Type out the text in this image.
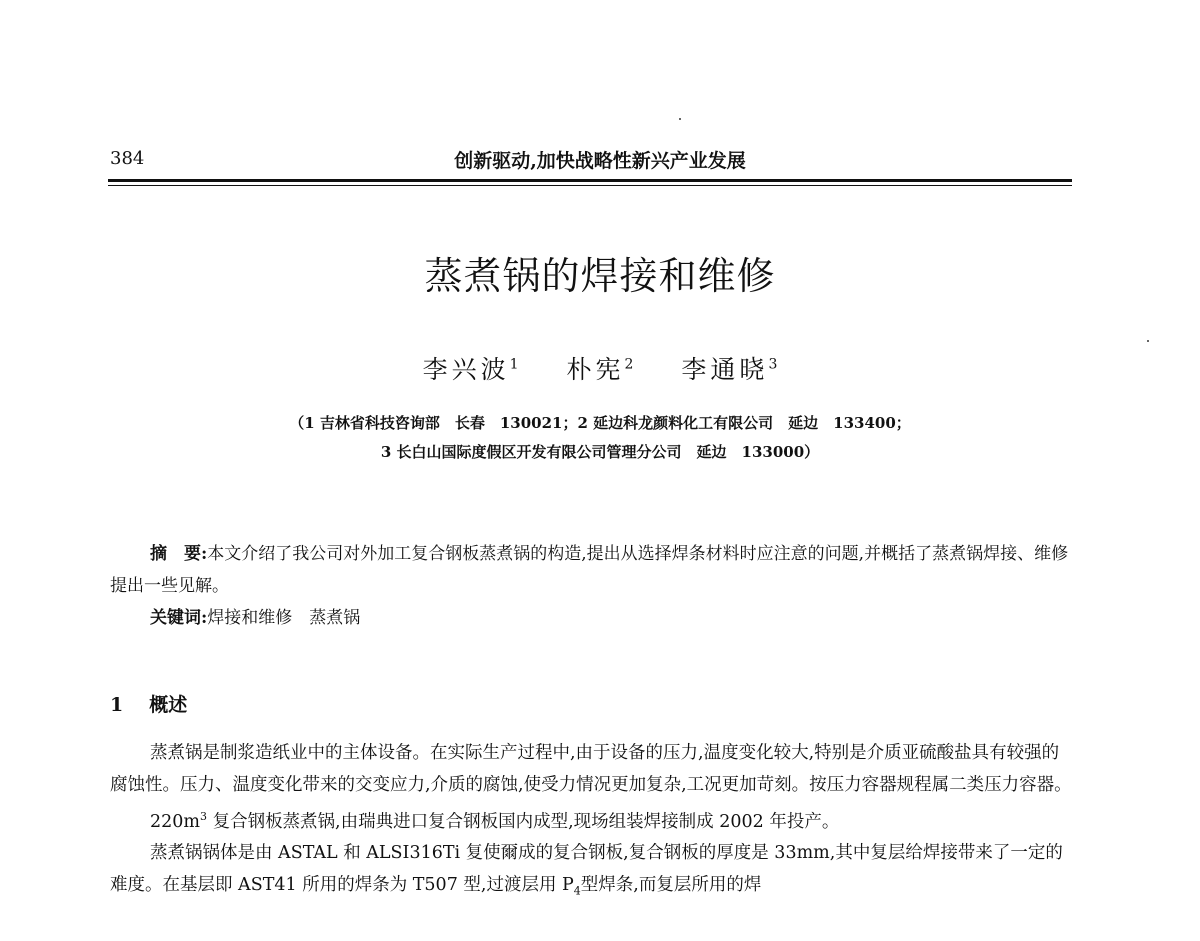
384	创新驱动,加快战略性新兴产业发展
蒸煮锅的焊接和维修
李兴波$^1$ 朴宪$^2$ 李通晓$^3$
（1 吉林省科技咨询部　长春　130021；2 延边科龙颜料化工有限公司　延边　133400；
3 长白山国际度假区开发有限公司管理分公司　延边　133000）
摘　要:本文介绍了我公司对外加工复合钢板蒸煮锅的构造,提出从选择焊条材料时应注意的问题,并概括了蒸煮锅焊接、维修提出一些见解。
关键词:焊接和维修　蒸煮锅
1 概述

蒸煮锅是制浆造纸业中的主体设备。在实际生产过程中,由于设备的压力,温度变化较大,特别是介质亚硫酸盐具有较强的腐蚀性。压力、温度变化带来的交变应力,介质的腐蚀,使受力情况更加复杂,工况更加苛刻。按压力容器规程属二类压力容器。

$220m^3$ 复合钢板蒸煮锅,由瑞典进口复合钢板国内成型,现场组装焊接制成 2002 年投产。

蒸煮锅锅体是由 ASTAL 和 ALSI316Ti 复使爾成的复合钢板,复合钢板的厚度是 33mm,其中复层给焊接带来了一定的难度。在基层即 AST41 所用的焊条为 T507 型,过渡层用 $P_4$型焊条,而复层所用的焊
